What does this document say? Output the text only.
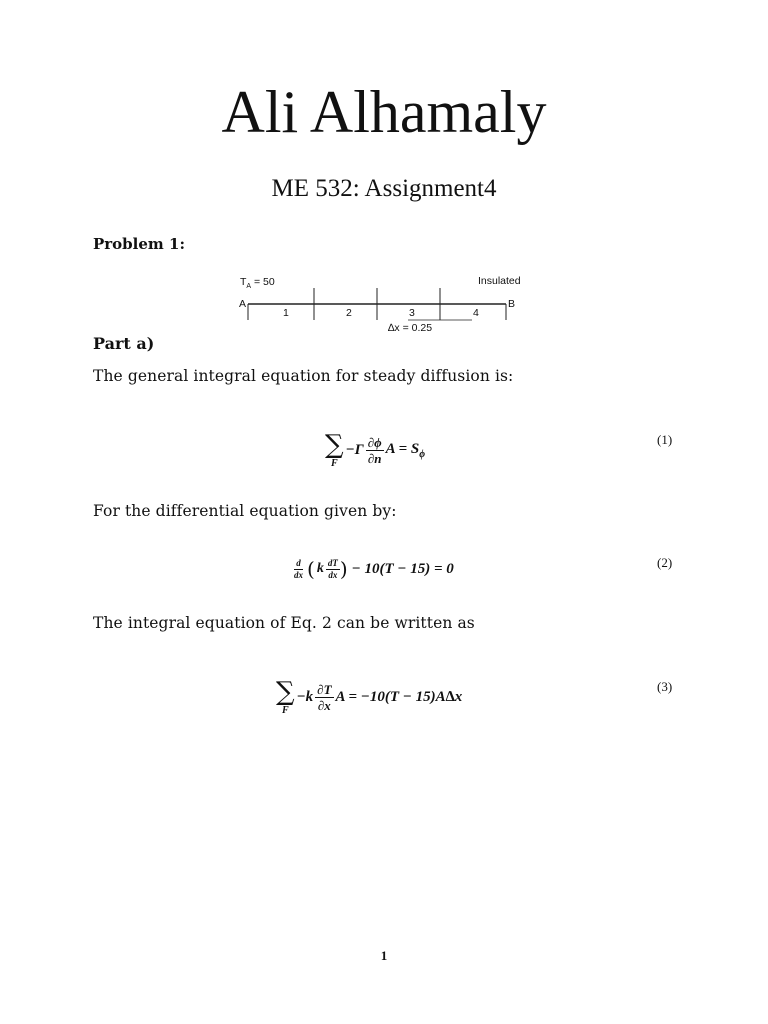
Ali Alhamaly
ME 532: Assignment4
Problem 1:
$T_A = 50$	Insulated
A	B
1	2	3	4
∆x = 0.25
Part a)
The general integral equation for steady diffusion is:
∑
F
$-\Gamma \frac{\partial\phi}{\partial n}$ $A = S_\phi$
(1)
For the differential equation given by:
$\frac{d}{dx}$ ( k $\frac{dT}{dx}$ ) − 10(T − 15) = 0	(2)
The integral equation of Eq. 2 can be written as
∑
F
$-k \frac{\partial T}{\partial x}$ A = −10(T − 15)A∆x
(3)
1
